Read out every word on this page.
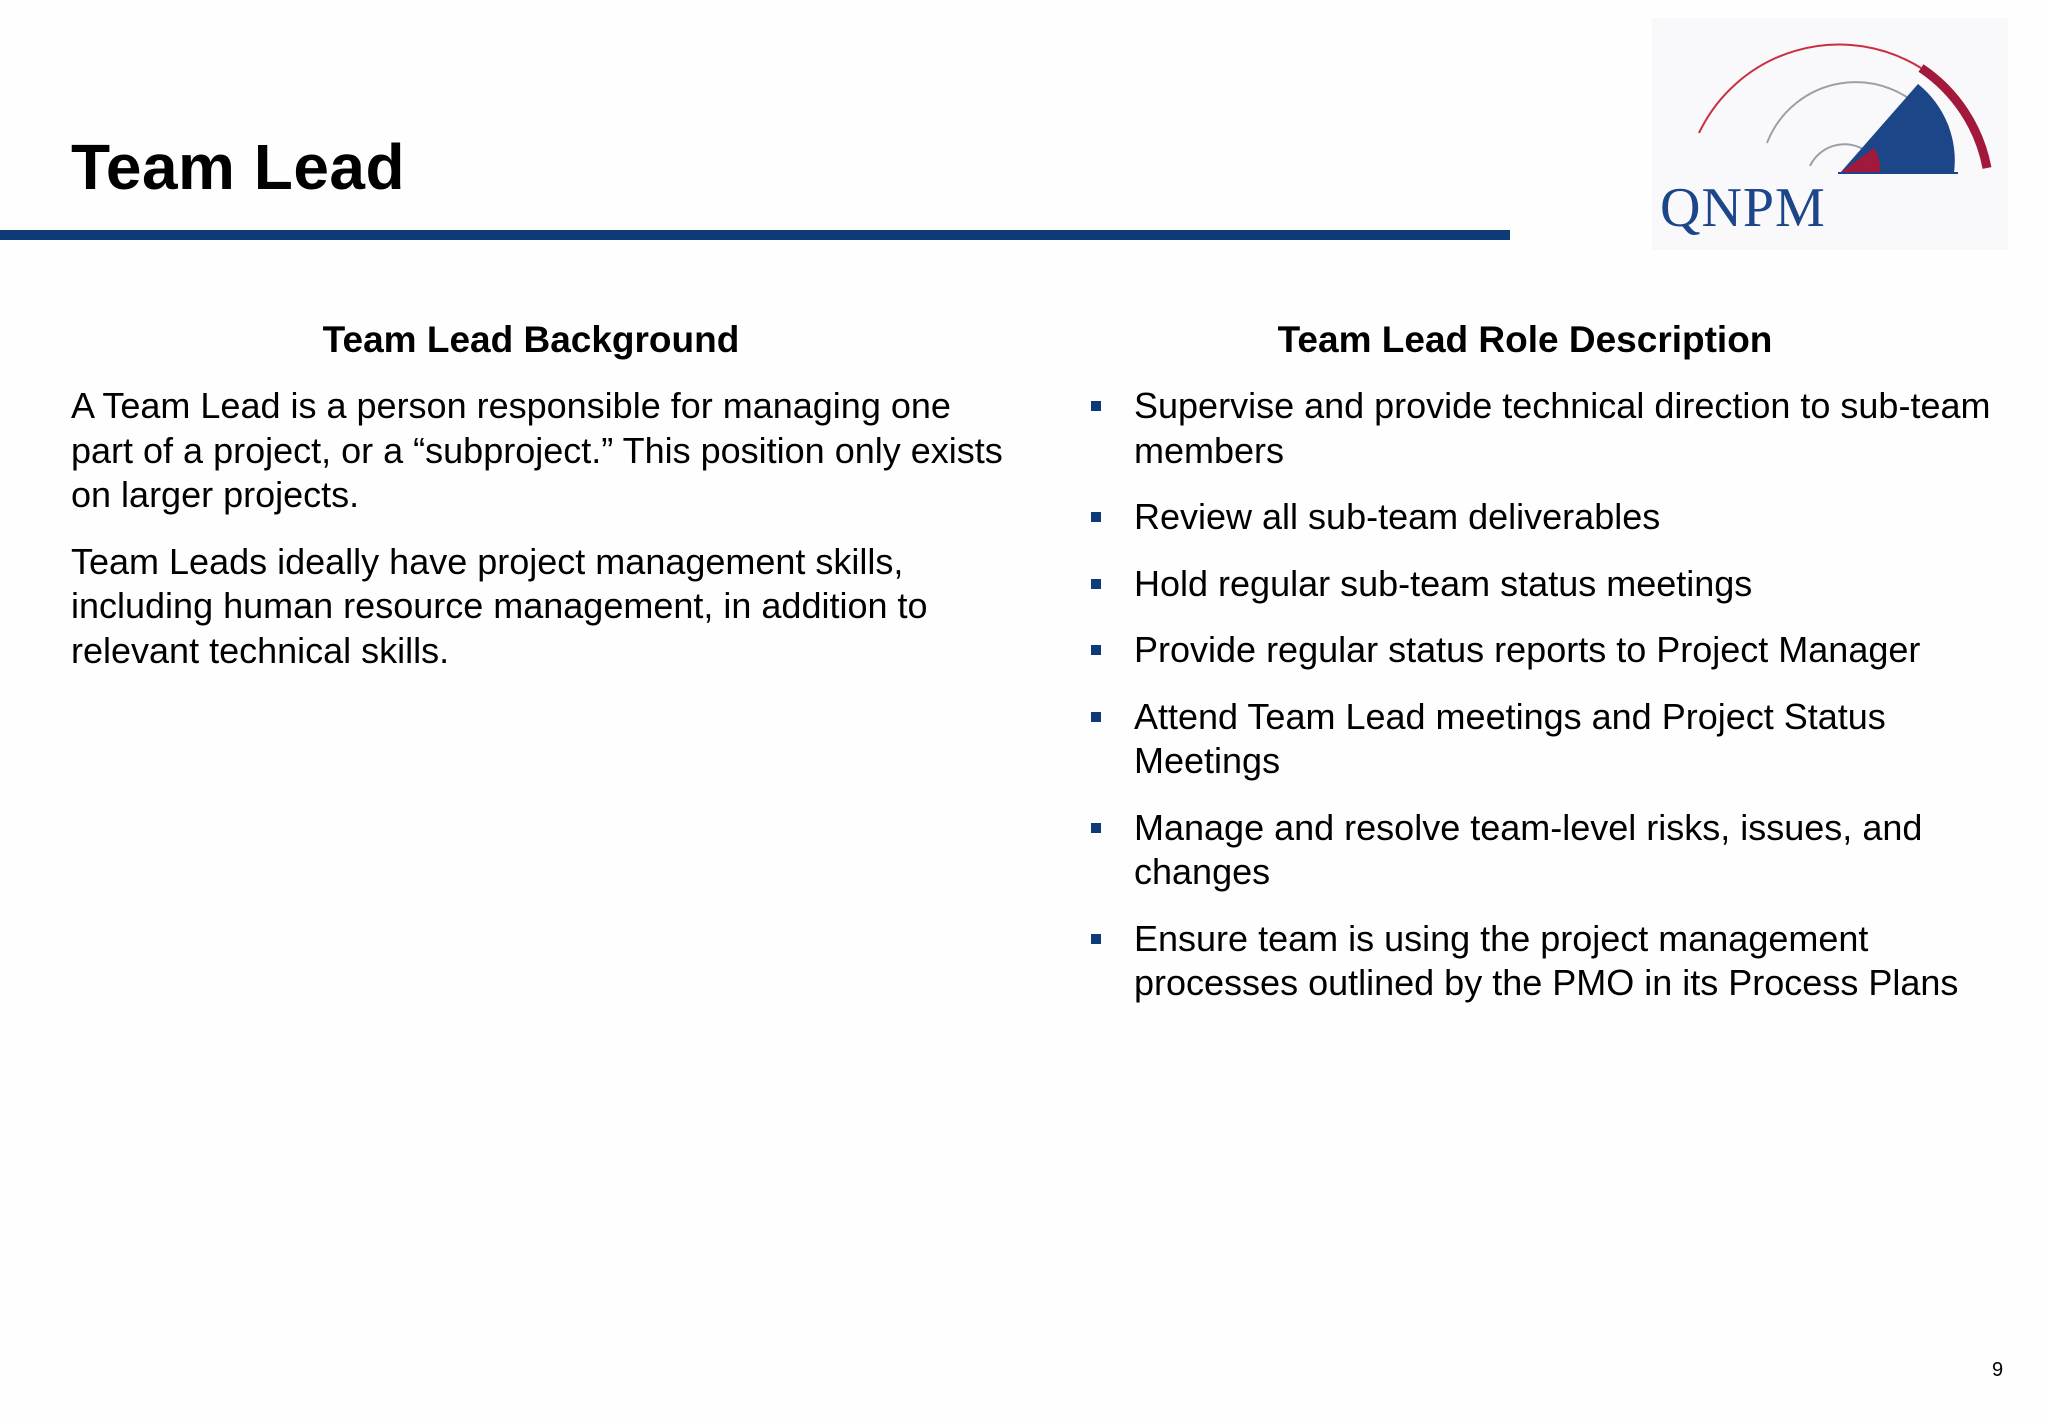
Team Lead
QNPM
Team Lead Background

A Team Lead is a person responsible for managing one part of a project, or a “subproject.” This position only exists on larger projects.

Team Leads ideally have project management skills, including human resource management, in addition to relevant technical skills.

Team Lead Role Description
Supervise and provide technical direction to sub-team members
Review all sub-team deliverables
Hold regular sub-team status meetings
Provide regular status reports to Project Manager
Attend Team Lead meetings and Project Status Meetings
Manage and resolve team-level risks, issues, and changes
Ensure team is using the project management processes outlined by the PMO in its Process Plans
9
